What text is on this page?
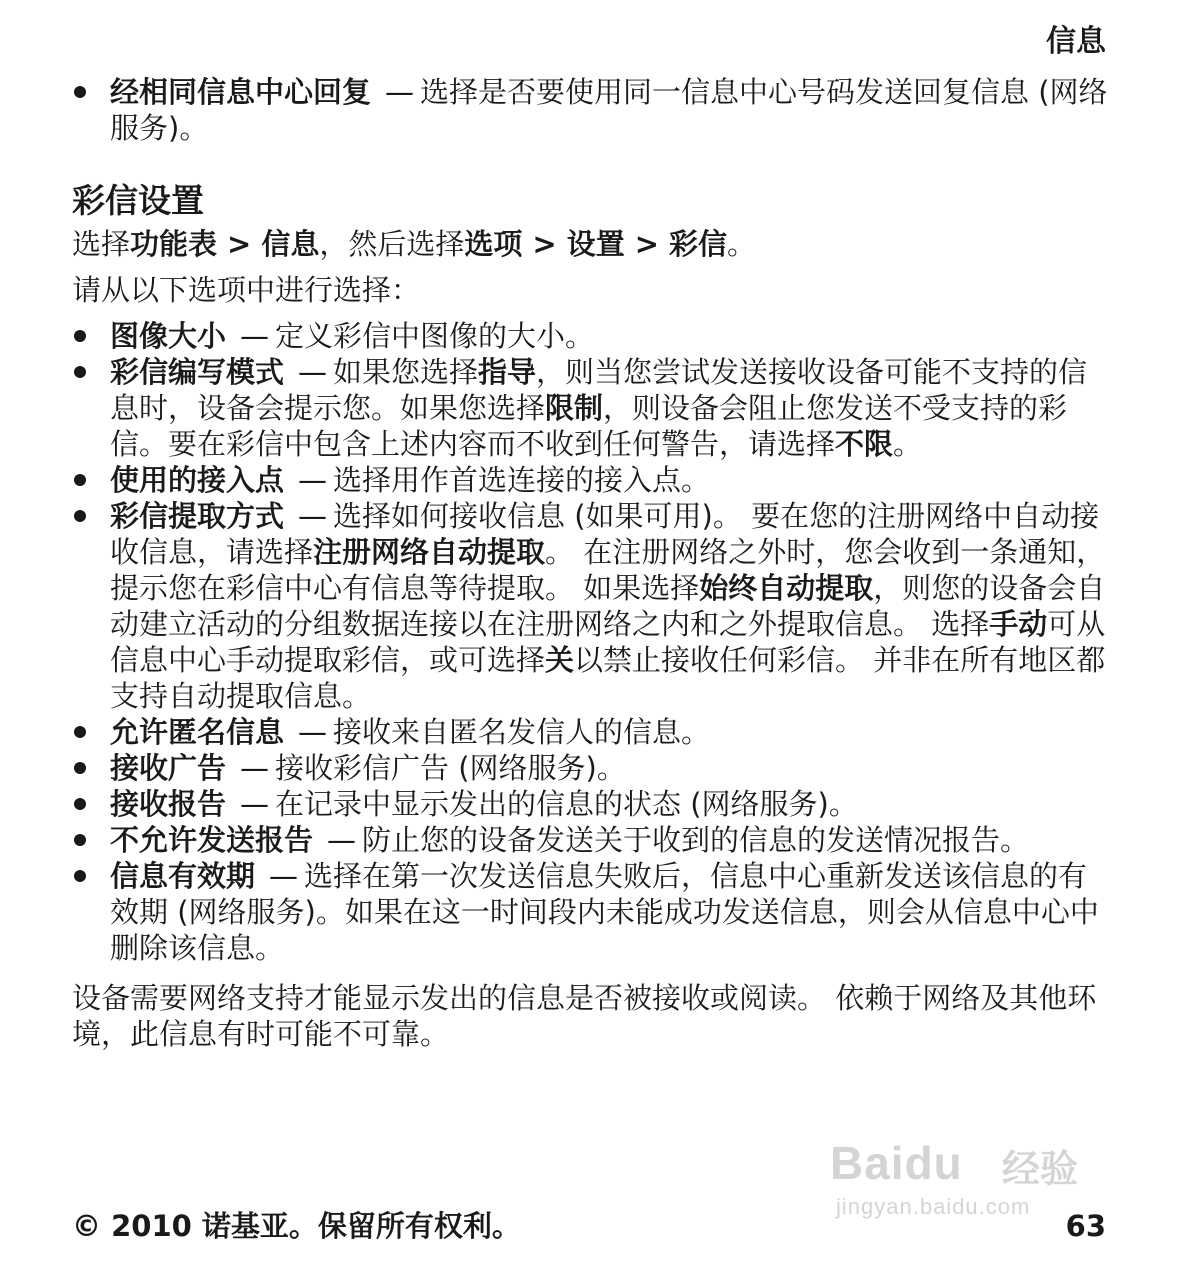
信息
经相同信息中心回复 — 选择是否要使用同一信息中心号码发送回复信息 (网络服务)。
彩信设置

选择功能表 > 信息，然后选择选项 > 设置 > 彩信。

请从以下选项中进行选择：

图像大小 — 定义彩信中图像的大小。
彩信编写模式 — 如果您选择指导，则当您尝试发送接收设备可能不支持的信息时，设备会提示您。如果您选择限制，则设备会阻止您发送不受支持的彩信。要在彩信中包含上述内容而不收到任何警告，请选择不限。
使用的接入点 — 选择用作首选连接的接入点。
彩信提取方式 — 选择如何接收信息 (如果可用)。 要在您的注册网络中自动接收信息，请选择注册网络自动提取。 在注册网络之外时，您会收到一条通知，提示您在彩信中心有信息等待提取。 如果选择始终自动提取，则您的设备会自动建立活动的分组数据连接以在注册网络之内和之外提取信息。 选择手动可从信息中心手动提取彩信，或可选择关以禁止接收任何彩信。 并非在所有地区都支持自动提取信息。
允许匿名信息 — 接收来自匿名发信人的信息。
接收广告 — 接收彩信广告 (网络服务)。
接收报告 — 在记录中显示发出的信息的状态 (网络服务)。
不允许发送报告 — 防止您的设备发送关于收到的信息的发送情况报告。
信息有效期 — 选择在第一次发送信息失败后，信息中心重新发送该信息的有效期 (网络服务)。如果在这一时间段内未能成功发送信息，则会从信息中心中删除该信息。

设备需要网络支持才能显示发出的信息是否被接收或阅读。 依赖于网络及其他环境，此信息有时可能不可靠。

Baidu 经验
jingyan.baidu.com
© 2010 诺基亚。保留所有权利。	63
